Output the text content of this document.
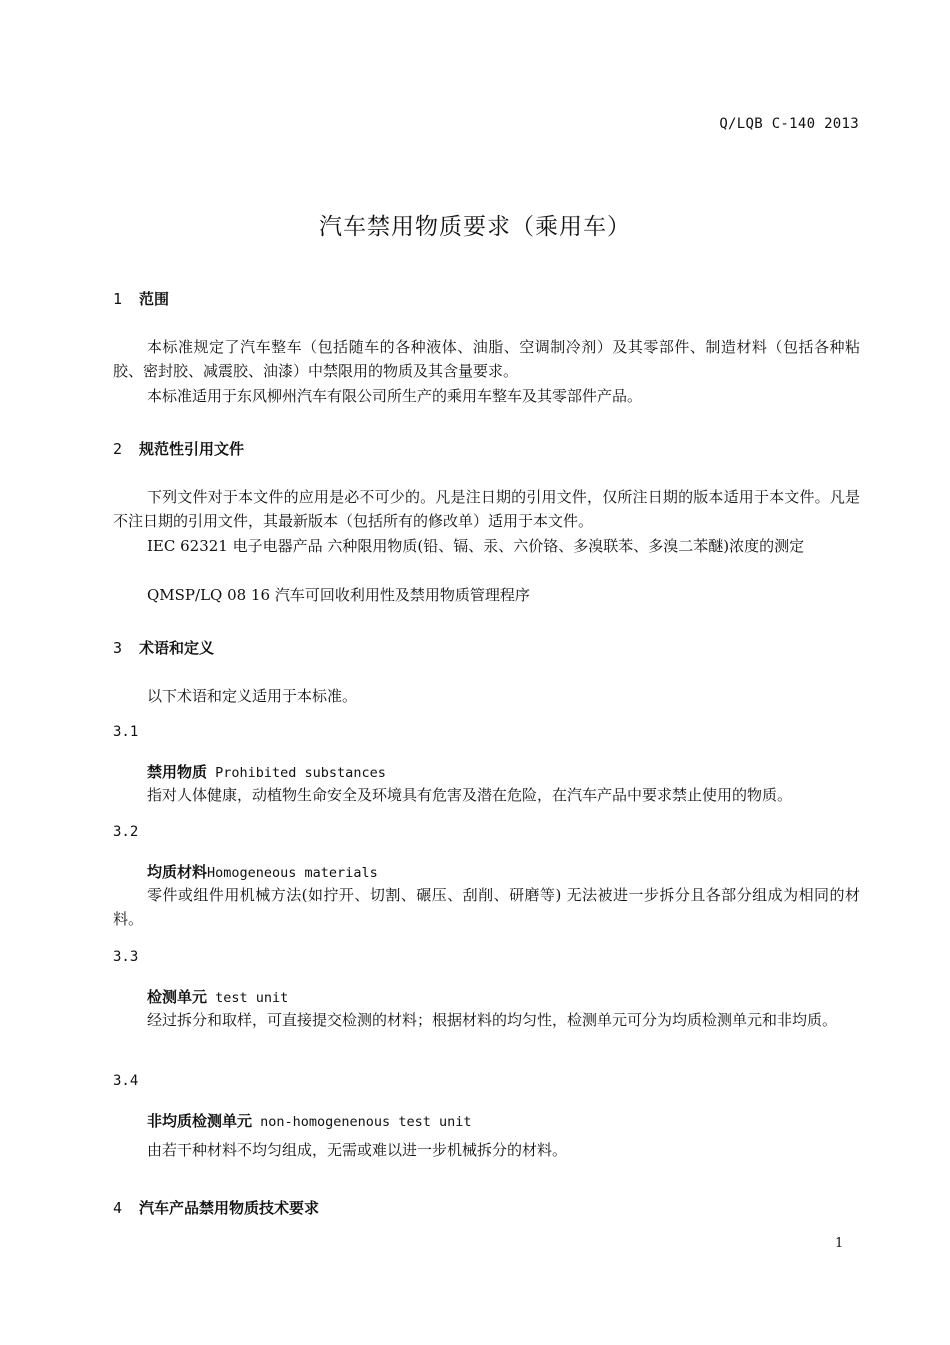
Q/LQB C-140 2013
汽车禁用物质要求（乘用车）
1 范围
本标准规定了汽车整车（包括随车的各种液体、油脂、空调制冷剂）及其零部件、制造材料（包括各种粘胶、密封胶、减震胶、油漆）中禁限用的物质及其含量要求。
本标准适用于东风柳州汽车有限公司所生产的乘用车整车及其零部件产品。
2 规范性引用文件
下列文件对于本文件的应用是必不可少的。凡是注日期的引用文件，仅所注日期的版本适用于本文件。凡是不注日期的引用文件，其最新版本（包括所有的修改单）适用于本文件。
IEC 62321 电子电器产品 六种限用物质(铅、镉、汞、六价铬、多溴联苯、多溴二苯醚)浓度的测定
QMSP/LQ 08 16 汽车可回收利用性及禁用物质管理程序
3 术语和定义
以下术语和定义适用于本标准。
3.1
禁用物质 Prohibited substances
指对人体健康，动植物生命安全及环境具有危害及潜在危险，在汽车产品中要求禁止使用的物质。
3.2
均质材料Homogeneous materials
零件或组件用机械方法(如拧开、切割、碾压、刮削、研磨等) 无法被进一步拆分且各部分组成为相同的材料。
3.3
检测单元 test unit
经过拆分和取样，可直接提交检测的材料；根据材料的均匀性，检测单元可分为均质检测单元和非均质。
3.4
非均质检测单元 non-homogenenous test unit
由若干种材料不均匀组成，无需或难以进一步机械拆分的材料。
4 汽车产品禁用物质技术要求
1
